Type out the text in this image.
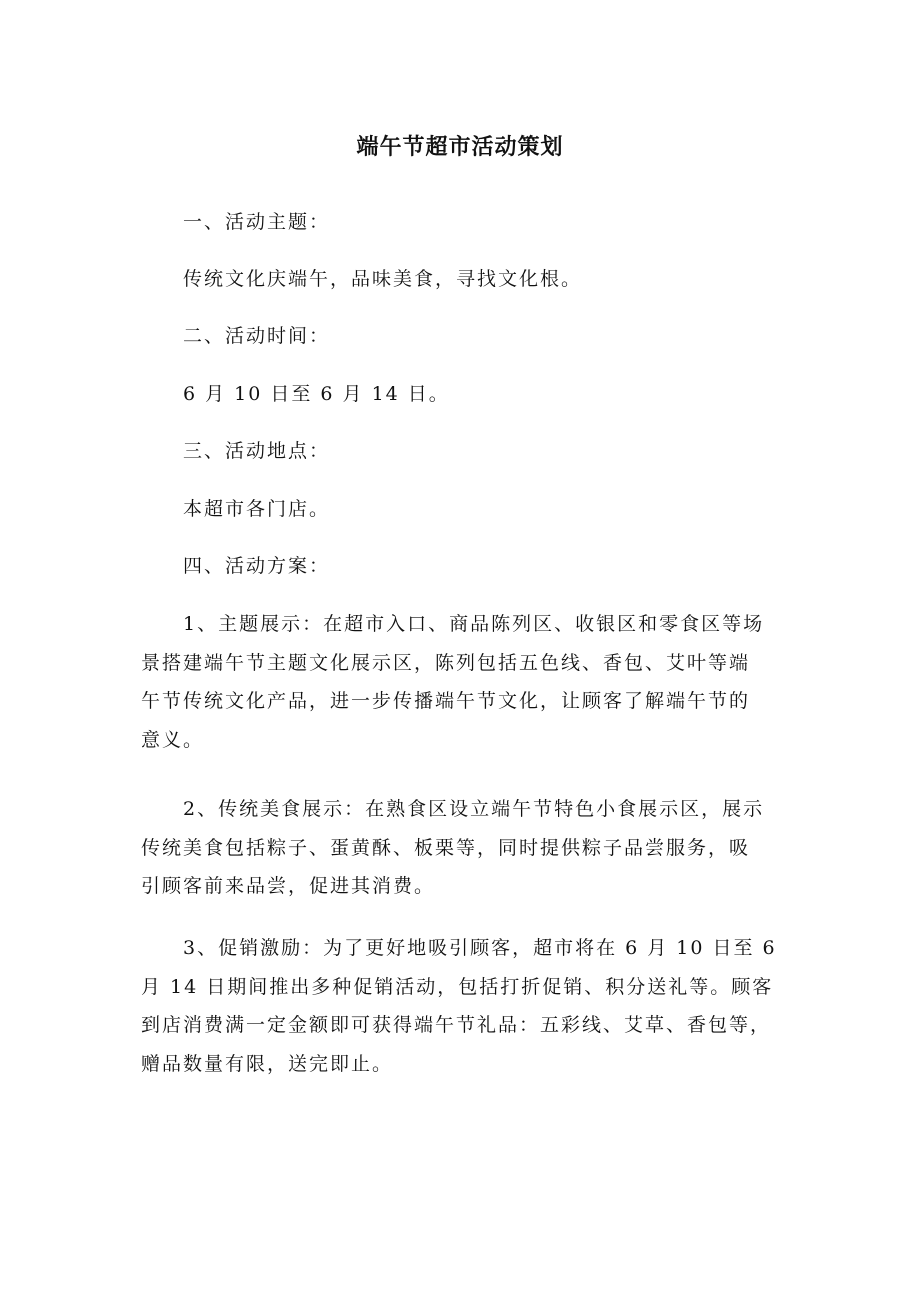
端午节超市活动策划

一、活动主题：

传统文化庆端午，品味美食，寻找文化根。

二、活动时间：

6 月 10 日至 6 月 14 日。

三、活动地点：

本超市各门店。

四、活动方案：

1、主题展示：在超市入口、商品陈列区、收银区和零食区等场
景搭建端午节主题文化展示区，陈列包括五色线、香包、艾叶等端
午节传统文化产品，进一步传播端午节文化，让顾客了解端午节的
意义。
2、传统美食展示：在熟食区设立端午节特色小食展示区，展示
传统美食包括粽子、蛋黄酥、板栗等，同时提供粽子品尝服务，吸
引顾客前来品尝，促进其消费。
3、促销激励：为了更好地吸引顾客，超市将在 6 月 10 日至 6
月 14 日期间推出多种促销活动，包括打折促销、积分送礼等。顾客
到店消费满一定金额即可获得端午节礼品：五彩线、艾草、香包等，
赠品数量有限，送完即止。
